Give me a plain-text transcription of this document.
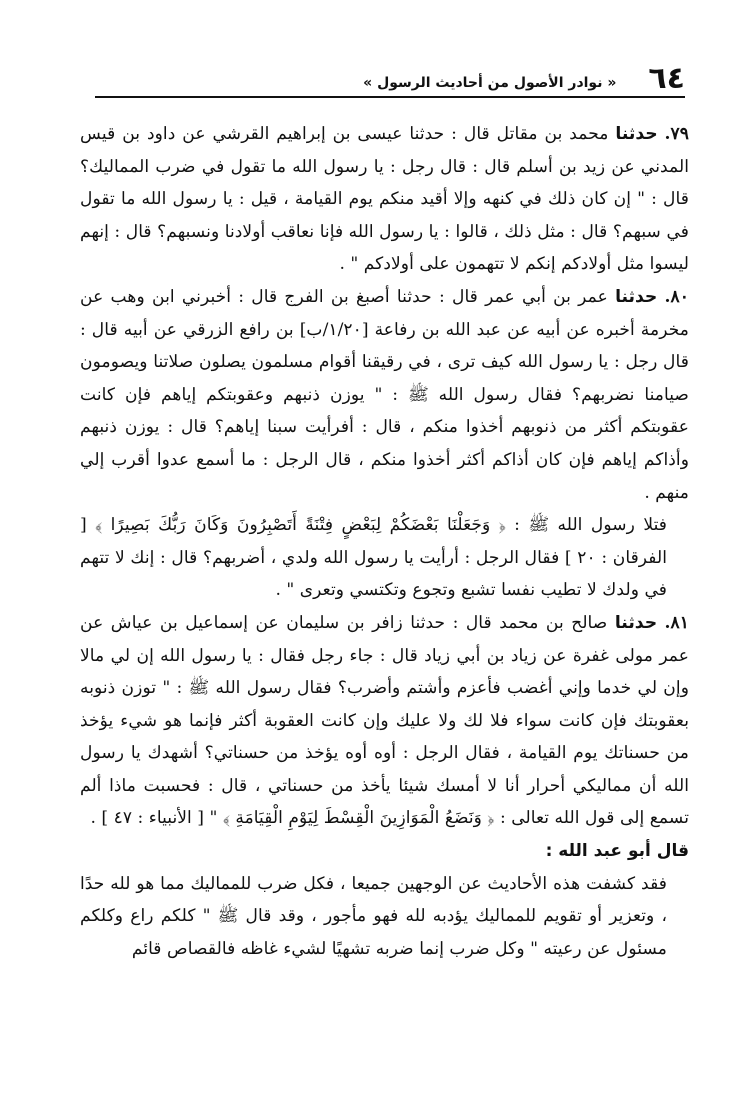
٦٤
« نوادر الأصول من أحاديث الرسول »

٧٩. حدثنا محمد بن مقاتل قال : حدثنا عيسى بن إبراهيم القرشي عن داود بن قيس المدني عن زيد بن أسلم قال : قال رجل : يا رسول الله ما تقول في ضرب المماليك؟ قال : " إن كان ذلك في كنهه وإلا أقيد منكم يوم القيامة ، قيل : يا رسول الله ما تقول في سبهم؟ قال : مثل ذلك ، قالوا : يا رسول الله فإنا نعاقب أولادنا ونسبهم؟ قال : إنهم ليسوا مثل أولادكم إنكم لا تتهمون على أولادكم " .

٨٠. حدثنا عمر بن أبي عمر قال : حدثنا أصبغ بن الفرج قال : أخبرني ابن وهب عن مخرمة أخبره عن أبيه عن عبد الله بن رفاعة [١/٢٠/ب] بن رافع الزرقي عن أبيه قال : قال رجل : يا رسول الله كيف ترى ، في رقيقنا أقوام مسلمون يصلون صلاتنا ويصومون صيامنا نضربهم؟ فقال رسول الله ﷺ : " يوزن ذنبهم وعقوبتكم إياهم فإن كانت عقوبتكم أكثر من ذنوبهم أخذوا منكم ، قال : أفرأيت سبنا إياهم؟ قال : يوزن ذنبهم وأذاكم إياهم فإن كان أذاكم أكثر أخذوا منكم ، قال الرجل : ما أسمع عدوا أقرب إلي منهم .

فتلا رسول الله ﷺ : ﴿ وَجَعَلْنَا بَعْضَكُمْ لِبَعْضٍ فِتْنَةً أَتَصْبِرُونَ وَكَانَ رَبُّكَ بَصِيرًا ﴾ [ الفرقان : ٢٠ ] فقال الرجل : أرأيت يا رسول الله ولدي ، أضربهم؟ قال : إنك لا تتهم في ولدك لا تطيب نفسا تشبع وتجوع وتكتسي وتعرى " .

٨١. حدثنا صالح بن محمد قال : حدثنا زافر بن سليمان عن إسماعيل بن عياش عن عمر مولى غفرة عن زياد بن أبي زياد قال : جاء رجل فقال : يا رسول الله إن لي مالا وإن لي خدما وإني أغضب فأعزم وأشتم وأضرب؟ فقال رسول الله ﷺ : " توزن ذنوبه بعقوبتك فإن كانت سواء فلا لك ولا عليك وإن كانت العقوبة أكثر فإنما هو شيء يؤخذ من حسناتك يوم القيامة ، فقال الرجل : أوه أوه يؤخذ من حسناتي؟ أشهدك يا رسول الله أن مماليكي أحرار أنا لا أمسك شيئا يأخذ من حسناتي ، قال : فحسبت ماذا ألم تسمع إلى قول الله تعالى : ﴿ وَنَضَعُ الْمَوَازِينَ الْقِسْطَ لِيَوْمِ الْقِيَامَةِ ﴾ " [ الأنبياء : ٤٧ ] .

قال أبو عبد الله :

فقد كشفت هذه الأحاديث عن الوجهين جميعا ، فكل ضرب للمماليك مما هو لله حدًا ، وتعزير أو تقويم للمماليك يؤدبه لله فهو مأجور ، وقد قال ﷺ " كلكم راع وكلكم مسئول عن رعيته " وكل ضرب إنما ضربه تشهيًا لشيء غاظه فالقصاص قائم
